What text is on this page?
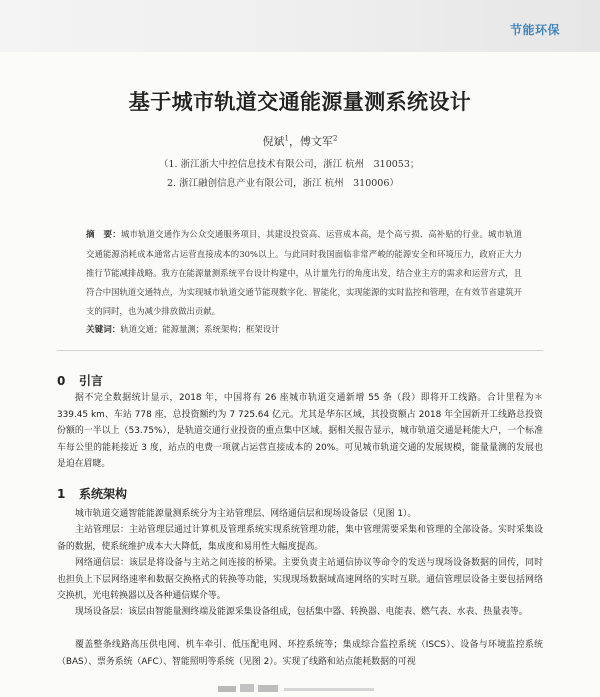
节能环保
基于城市轨道交通能源量测系统设计
倪斌$^1$，傅文军$^2$
（1. 浙江浙大中控信息技术有限公司，浙江 杭州　310053；
2. 浙江融创信息产业有限公司，浙江 杭州　310006）

摘　要：城市轨道交通作为公众交通服务项目，其建设投资高、运营成本高，是个高亏损、高补贴的行业。城市轨道交通能源消耗成本通常占运营直接成本的30%以上。与此同时我国面临非常严峻的能源安全和环境压力，政府正大力推行节能减排战略。我方在能源量测系统平台设计构建中，从计量先行的角度出发，结合业主方的需求和运营方式，且符合中国轨道交通特点，为实现城市轨道交通节能现数字化、智能化，实现能源的实时监控和管理，在有效节省建筑开支的同时，也为减少排放做出贡献。

关键词：轨道交通；能源量测；系统架构；框架设计

0 引言

据不完全数据统计显示，2018 年，中国将有 26 座城市轨道交通新增 55 条（段）即将开工线路。合计里程为＊339.45 km、车站 778 座，总投资额约为 7 725.64 亿元。尤其是华东区域，其投资额占 2018 年全国新开工线路总投资份额的一半以上（53.75%），是轨道交通行业投资的重点集中区域。据相关报告显示，城市轨道交通是耗能大户，一个标准车每公里的能耗接近 3 度，站点的电费一项就占运营直接成本的 20%。可见城市轨道交通的发展规模，能量量测的发展也是迫在眉睫。

1 系统架构

城市轨道交通智能能源量测系统分为主站管理层、网络通信层和现场设备层（见图 1）。

主站管理层：主站管理层通过计算机及管理系统实现系统管理功能，集中管理需要采集和管理的全部设备。实时采集设备的数据，使系统维护成本大大降低，集成度和易用性大幅度提高。

网络通信层：该层是将设备与主站之间连接的桥梁。主要负责主站通信协议等命令的发送与现场设备数据的回传，同时也担负上下层网络速率和数据交换格式的转换等功能，实现现场数据域高速网络的实时互联。通信管理层设备主要包括网络交换机，光电转换器以及各种通信媒介等。

现场设备层：该层由智能量测终端及能源采集设备组成，包括集中器、转换器、电能表、燃气表、水表、热量表等。

覆盖整条线路高压供电网、机车牵引、低压配电网、环控系统等；集成综合监控系统（ISCS）、设备与环境监控系统（BAS）、票务系统（AFC）、智能照明等系统（见图 2）。实现了线路和站点能耗数据的可视
